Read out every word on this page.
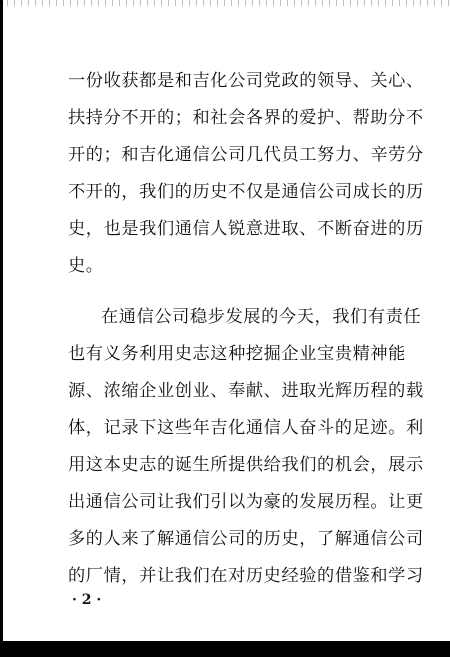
一份收获都是和吉化公司党政的领导、关心、
扶持分不开的；和社会各界的爱护、帮助分不
开的；和吉化通信公司几代员工努力、辛劳分
不开的，我们的历史不仅是通信公司成长的历
史，也是我们通信人锐意进取、不断奋进的历
史。
在通信公司稳步发展的今天，我们有责任
也有义务利用史志这种挖掘企业宝贵精神能
源、浓缩企业创业、奉献、进取光辉历程的载
体，记录下这些年吉化通信人奋斗的足迹。利
用这本史志的诞生所提供给我们的机会，展示
出通信公司让我们引以为豪的发展历程。让更
多的人来了解通信公司的历史，了解通信公司
的厂情，并让我们在对历史经验的借鉴和学习
· 2 ·
